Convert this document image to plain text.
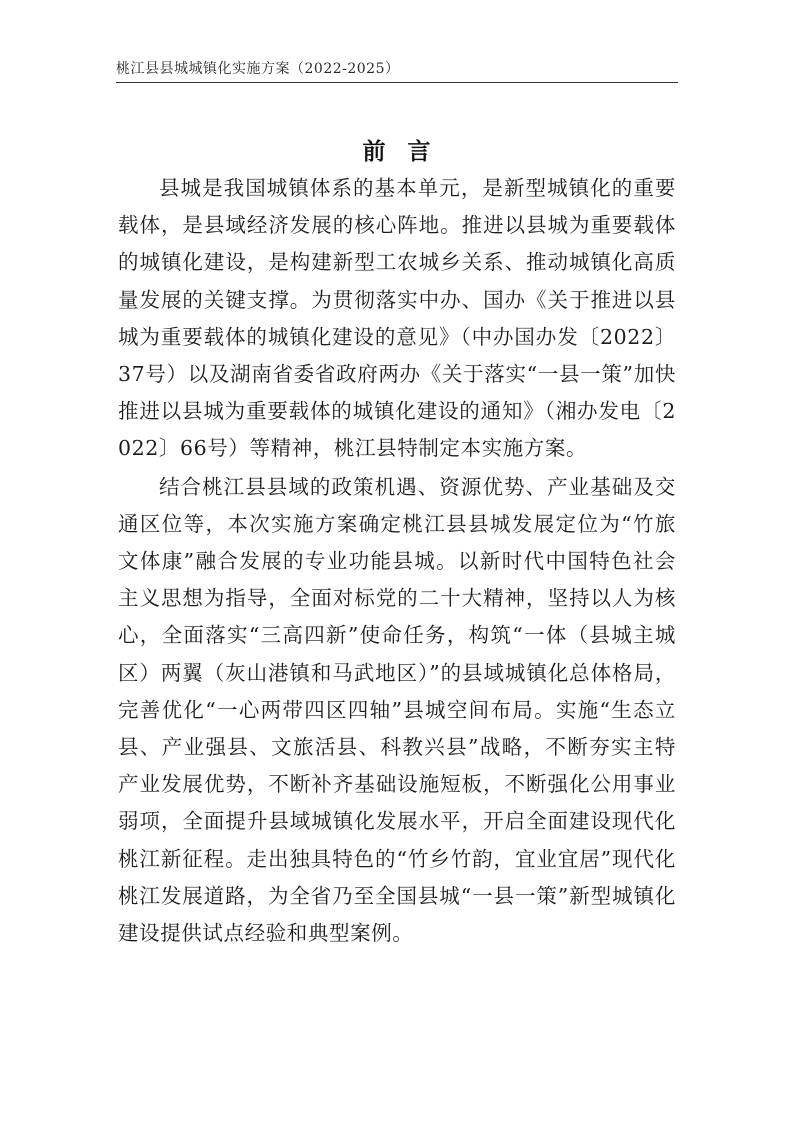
桃江县县城城镇化实施方案（2022-2025）
前言

县城是我国城镇体系的基本单元，是新型城镇化的重要载体，是县域经济发展的核心阵地。推进以县城为重要载体的城镇化建设，是构建新型工农城乡关系、推动城镇化高质量发展的关键支撑。为贯彻落实中办、国办《关于推进以县城为重要载体的城镇化建设的意见》（中办国办发〔2022〕37号）以及湖南省委省政府两办《关于落实“一县一策”加快推进以县城为重要载体的城镇化建设的通知》（湘办发电〔2022〕66号）等精神，桃江县特制定本实施方案。

结合桃江县县域的政策机遇、资源优势、产业基础及交通区位等，本次实施方案确定桃江县县城发展定位为“竹旅文体康”融合发展的专业功能县城。以新时代中国特色社会主义思想为指导，全面对标党的二十大精神，坚持以人为核心，全面落实“三高四新”使命任务，构筑“一体（县城主城区）两翼（灰山港镇和马武地区）”的县域城镇化总体格局，完善优化“一心两带四区四轴”县城空间布局。实施“生态立县、产业强县、文旅活县、科教兴县”战略，不断夯实主特产业发展优势，不断补齐基础设施短板，不断强化公用事业弱项，全面提升县域城镇化发展水平，开启全面建设现代化桃江新征程。走出独具特色的“竹乡竹韵，宜业宜居”现代化桃江发展道路，为全省乃至全国县城“一县一策”新型城镇化建设提供试点经验和典型案例。
